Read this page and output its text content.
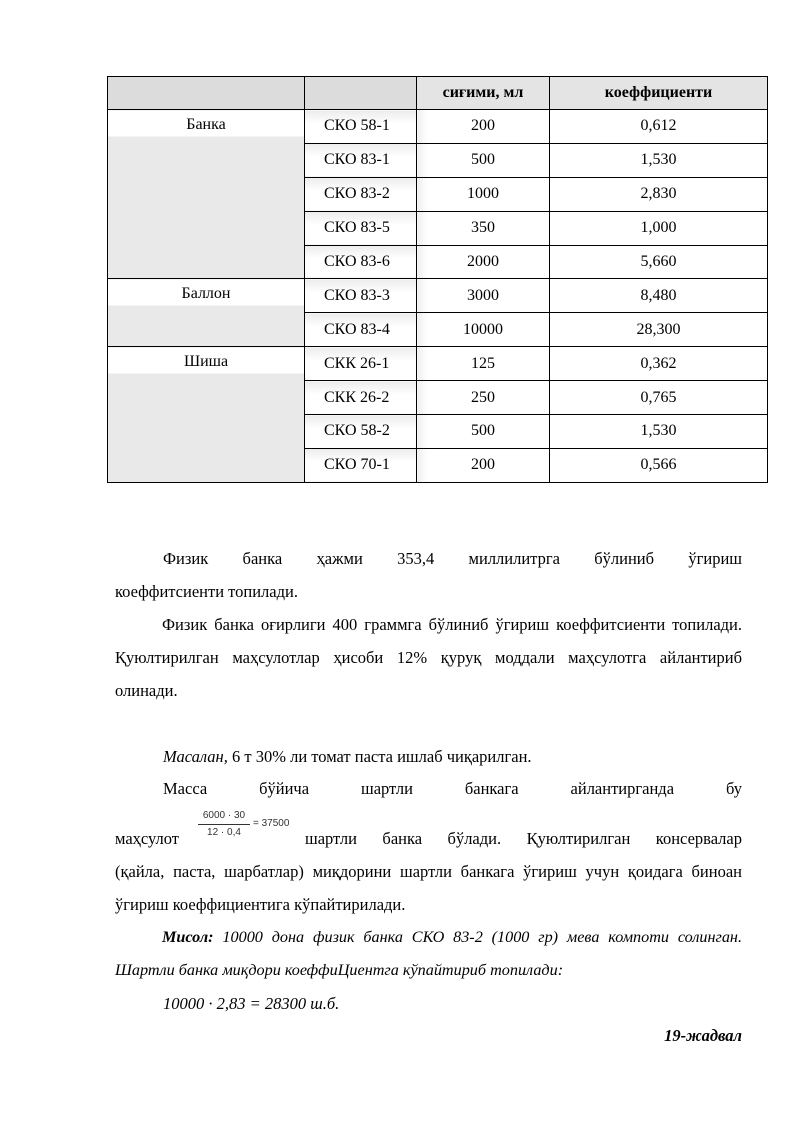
		сиғими, мл	коеффициенти
Банка	СКО 58-1	200	0,612
	СКО 83-1	500	1,530
	СКО 83-2	1000	2,830
	СКО 83-5	350	1,000
	СКО 83-6	2000	5,660
Баллон	СКО 83-3	3000	8,480
	СКО 83-4	10000	28,300
Шиша	СКК 26-1	125	0,362
	СКК 26-2	250	0,765
	СКО 58-2	500	1,530
	СКО 70-1	200	0,566
Физик банка ҳажми 353,4 миллилитрга бўлиниб ўгириш
коеффитсиенти топилади.

Физик банка оғирлиги 400 граммга бўлиниб ўгириш коеффитсиенти топилади. Қуюлтирилган маҳсулотлар ҳисоби 12% қуруқ моддали маҳсулотга айлантириб олинади.

Масалан, 6 т 30% ли томат паста ишлаб чиқарилган.
Масса бўйича шартли банкага айлантирганда бу
6000 · 30
12 · 0,4
= 37500
маҳсулот	шартли банка бўлади. Қуюлтирилган консервалар

(қайла, паста, шарбатлар) миқдорини шартли банкага ўгириш учун қоидага биноан ўгириш коеффициентига кўпайтирилади.

Мисол: 10000 дона физик банка СКО 83-2 (1000 гр) мева компоти солинган. Шартли банка миқдори коеффиЦиентга кўпайтириб топилади:

10000 · 2,83 = 28300 ш.б.
19-жадвал
